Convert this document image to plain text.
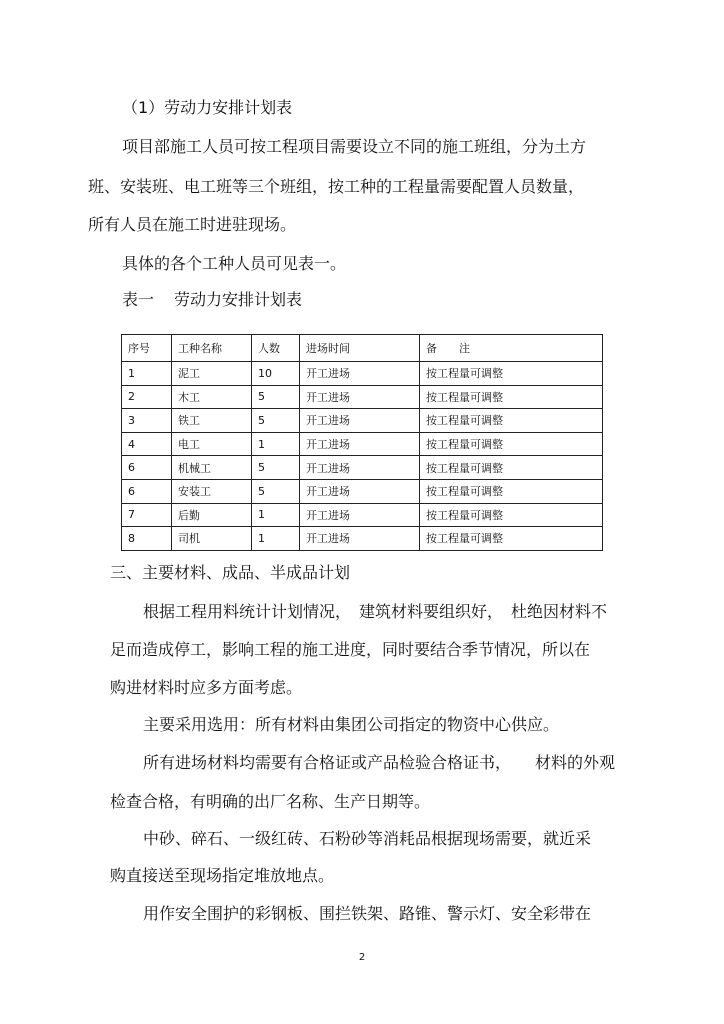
（1）劳动力安排计划表
项目部施工人员可按工程项目需要设立不同的施工班组，分为土方
班、安装班、电工班等三个班组，按工种的工程量需要配置人员数量，
所有人员在施工时进驻现场。
具体的各个工种人员可见表一。
表一 劳动力安排计划表
序号	工种名称	人数	进场时间	备　　注
1	泥工	10	开工进场	按工程量可调整
2	木工	5	开工进场	按工程量可调整
3	铁工	5	开工进场	按工程量可调整
4	电工	1	开工进场	按工程量可调整
6	机械工	5	开工进场	按工程量可调整
6	安装工	5	开工进场	按工程量可调整
7	后勤	1	开工进场	按工程量可调整
8	司机	1	开工进场	按工程量可调整
三、主要材料、成品、半成品计划
根据工程用料统计计划情况，　建筑材料要组织好，　杜绝因材料不
足而造成停工，影响工程的施工进度，同时要结合季节情况，所以在
购进材料时应多方面考虑。
主要采用选用：所有材料由集团公司指定的物资中心供应。
所有进场材料均需要有合格证或产品检验合格证书，　　材料的外观
检查合格，有明确的出厂名称、生产日期等。
中砂、碎石、一级红砖、石粉砂等消耗品根据现场需要，就近采
购直接送至现场指定堆放地点。
用作安全围护的彩钢板、围拦铁架、路锥、警示灯、安全彩带在
2
